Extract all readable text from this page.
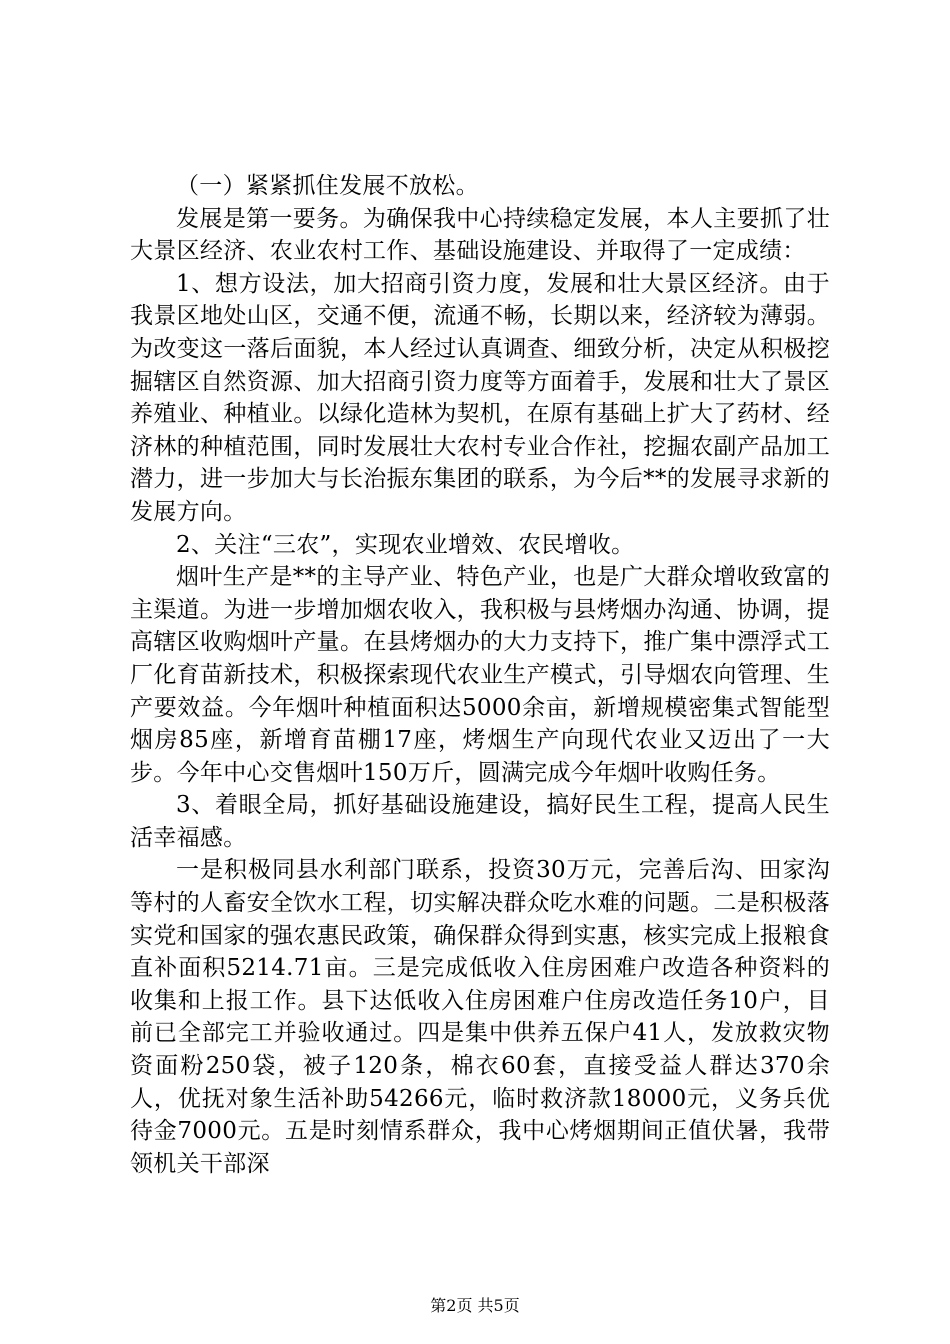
（一）紧紧抓住发展不放松。

发展是第一要务。为确保我中心持续稳定发展，本人主要抓了壮大景区经济、农业农村工作、基础设施建设、并取得了一定成绩：

1、想方设法，加大招商引资力度，发展和壮大景区经济。由于我景区地处山区，交通不便，流通不畅，长期以来，经济较为薄弱。为改变这一落后面貌，本人经过认真调查、细致分析，决定从积极挖掘辖区自然资源、加大招商引资力度等方面着手，发展和壮大了景区养殖业、种植业。以绿化造林为契机，在原有基础上扩大了药材、经济林的种植范围，同时发展壮大农村专业合作社，挖掘农副产品加工潜力，进一步加大与长治振东集团的联系，为今后**的发展寻求新的发展方向。

2、关注“三农”，实现农业增效、农民增收。

烟叶生产是**的主导产业、特色产业，也是广大群众增收致富的主渠道。为进一步增加烟农收入，我积极与县烤烟办沟通、协调，提高辖区收购烟叶产量。在县烤烟办的大力支持下，推广集中漂浮式工厂化育苗新技术，积极探索现代农业生产模式，引导烟农向管理、生产要效益。今年烟叶种植面积达5000余亩，新增规模密集式智能型烟房85座，新增育苗棚17座，烤烟生产向现代农业又迈出了一大步。今年中心交售烟叶150万斤，圆满完成今年烟叶收购任务。

3、着眼全局，抓好基础设施建设，搞好民生工程，提高人民生活幸福感。

一是积极同县水利部门联系，投资30万元，完善后沟、田家沟等村的人畜安全饮水工程，切实解决群众吃水难的问题。二是积极落实党和国家的强农惠民政策，确保群众得到实惠，核实完成上报粮食直补面积5214.71亩。三是完成低收入住房困难户改造各种资料的收集和上报工作。县下达低收入住房困难户住房改造任务10户，目前已全部完工并验收通过。四是集中供养五保户41人，发放救灾物资面粉250袋，被子120条，棉衣60套，直接受益人群达370余人，优抚对象生活补助54266元，临时救济款18000元，义务兵优待金7000元。五是时刻情系群众，我中心烤烟期间正值伏暑，我带领机关干部深

第2页 共5页
